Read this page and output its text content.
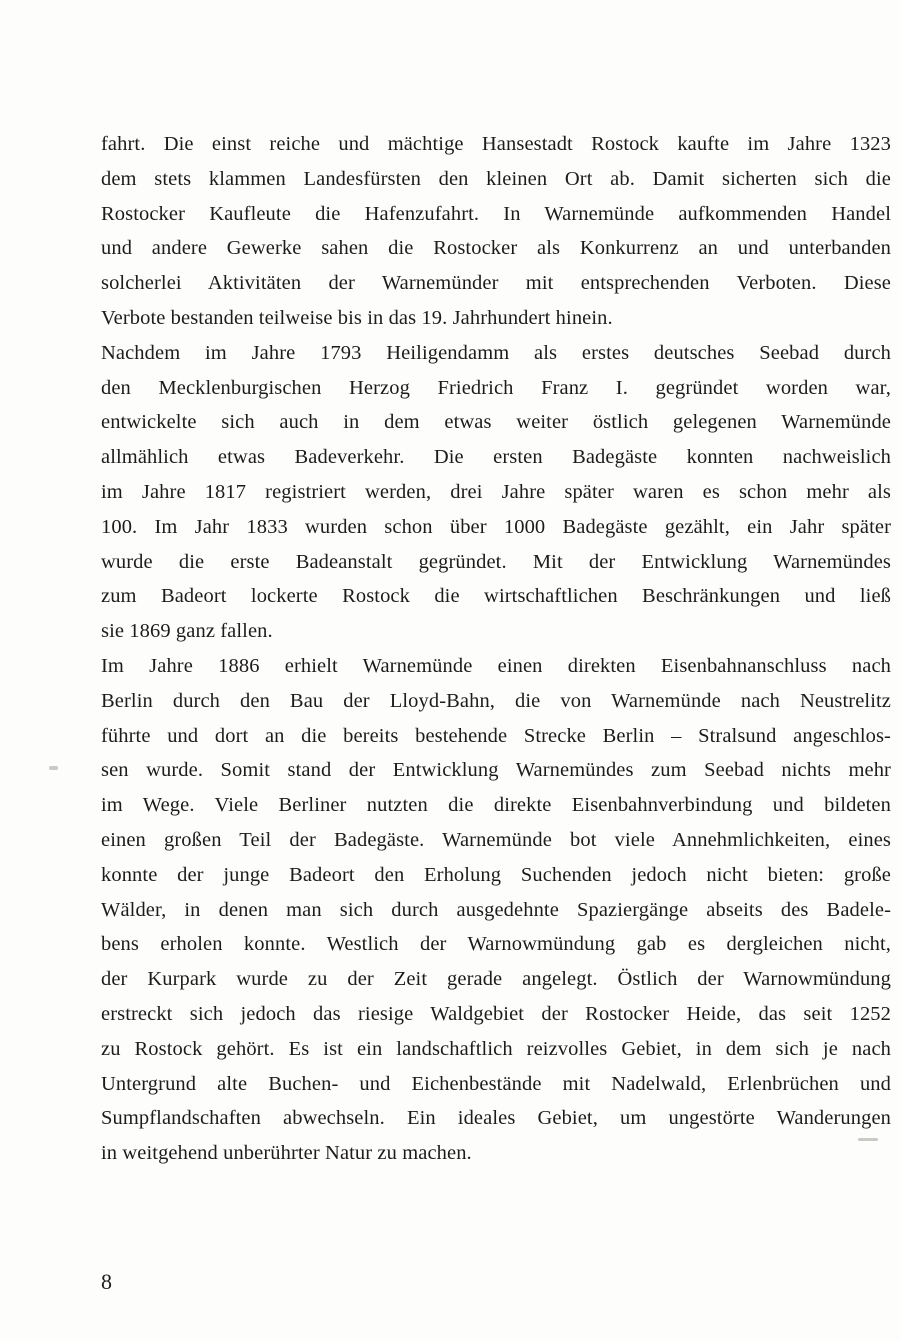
fahrt. Die einst reiche und mächtige Hansestadt Rostock kaufte im Jahre 1323
dem stets klammen Landesfürsten den kleinen Ort ab. Damit sicherten sich die
Rostocker Kaufleute die Hafenzufahrt. In Warnemünde aufkommenden Handel
und andere Gewerke sahen die Rostocker als Konkurrenz an und unterbanden
solcherlei Aktivitäten der Warnemünder mit entsprechenden Verboten. Diese
Verbote bestanden teilweise bis in das 19. Jahrhundert hinein.
Nachdem im Jahre 1793 Heiligendamm als erstes deutsches Seebad durch
den Mecklenburgischen Herzog Friedrich Franz I. gegründet worden war,
entwickelte sich auch in dem etwas weiter östlich gelegenen Warnemünde
allmählich etwas Badeverkehr. Die ersten Badegäste konnten nachweislich
im Jahre 1817 registriert werden, drei Jahre später waren es schon mehr als
100. Im Jahr 1833 wurden schon über 1000 Badegäste gezählt, ein Jahr später
wurde die erste Badeanstalt gegründet. Mit der Entwicklung Warnemündes
zum Badeort lockerte Rostock die wirtschaftlichen Beschränkungen und ließ
sie 1869 ganz fallen.
Im Jahre 1886 erhielt Warnemünde einen direkten Eisenbahnanschluss nach
Berlin durch den Bau der Lloyd-Bahn, die von Warnemünde nach Neustrelitz
führte und dort an die bereits bestehende Strecke Berlin – Stralsund angeschlos-
sen wurde. Somit stand der Entwicklung Warnemündes zum Seebad nichts mehr
im Wege. Viele Berliner nutzten die direkte Eisenbahnverbindung und bildeten
einen großen Teil der Badegäste. Warnemünde bot viele Annehmlichkeiten, eines
konnte der junge Badeort den Erholung Suchenden jedoch nicht bieten: große
Wälder, in denen man sich durch ausgedehnte Spaziergänge abseits des Badele-
bens erholen konnte. Westlich der Warnowmündung gab es dergleichen nicht,
der Kurpark wurde zu der Zeit gerade angelegt. Östlich der Warnowmündung
erstreckt sich jedoch das riesige Waldgebiet der Rostocker Heide, das seit 1252
zu Rostock gehört. Es ist ein landschaftlich reizvolles Gebiet, in dem sich je nach
Untergrund alte Buchen- und Eichenbestände mit Nadelwald, Erlenbrüchen und
Sumpflandschaften abwechseln. Ein ideales Gebiet, um ungestörte Wanderungen
in weitgehend unberührter Natur zu machen.
8
